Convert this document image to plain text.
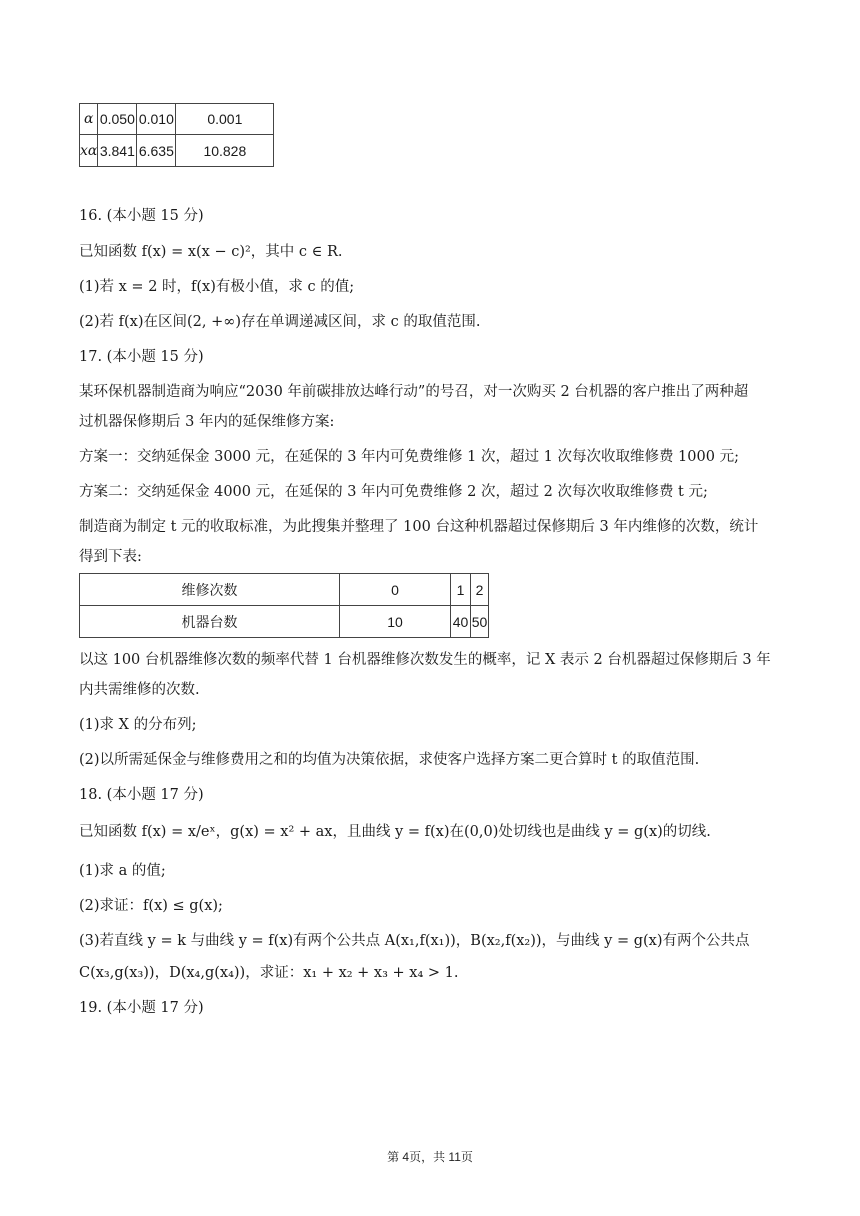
α	0.050	0.010	0.001
xα	3.841	6.635	10.828
16. (本小题 15 分)
已知函数 f(x) = x(x − c)²，其中 c ∈ R.
(1)若 x = 2 时，f(x)有极小值，求 c 的值;
(2)若 f(x)在区间(2, +∞)存在单调递减区间，求 c 的取值范围.
17. (本小题 15 分)
某环保机器制造商为响应“2030 年前碳排放达峰行动”的号召，对一次购买 2 台机器的客户推出了两种超
过机器保修期后 3 年内的延保维修方案:
方案一：交纳延保金 3000 元，在延保的 3 年内可免费维修 1 次，超过 1 次每次收取维修费 1000 元;
方案二：交纳延保金 4000 元，在延保的 3 年内可免费维修 2 次，超过 2 次每次收取维修费 t 元;
制造商为制定 t 元的收取标准，为此搜集并整理了 100 台这种机器超过保修期后 3 年内维修的次数，统计
得到下表:
维修次数	0	1	2
机器台数	10	40	50
以这 100 台机器维修次数的频率代替 1 台机器维修次数发生的概率，记 X 表示 2 台机器超过保修期后 3 年
内共需维修的次数.
(1)求 X 的分布列;
(2)以所需延保金与维修费用之和的均值为决策依据，求使客户选择方案二更合算时 t 的取值范围.
18. (本小题 17 分)
已知函数 f(x) = x/eˣ，g(x) = x² + ax，且曲线 y = f(x)在(0,0)处切线也是曲线 y = g(x)的切线.
(1)求 a 的值;
(2)求证：f(x) ≤ g(x);
(3)若直线 y = k 与曲线 y = f(x)有两个公共点 A(x₁,f(x₁))，B(x₂,f(x₂))，与曲线 y = g(x)有两个公共点
C(x₃,g(x₃))，D(x₄,g(x₄))，求证：x₁ + x₂ + x₃ + x₄ > 1.
19. (本小题 17 分)
第 4页，共 11页
